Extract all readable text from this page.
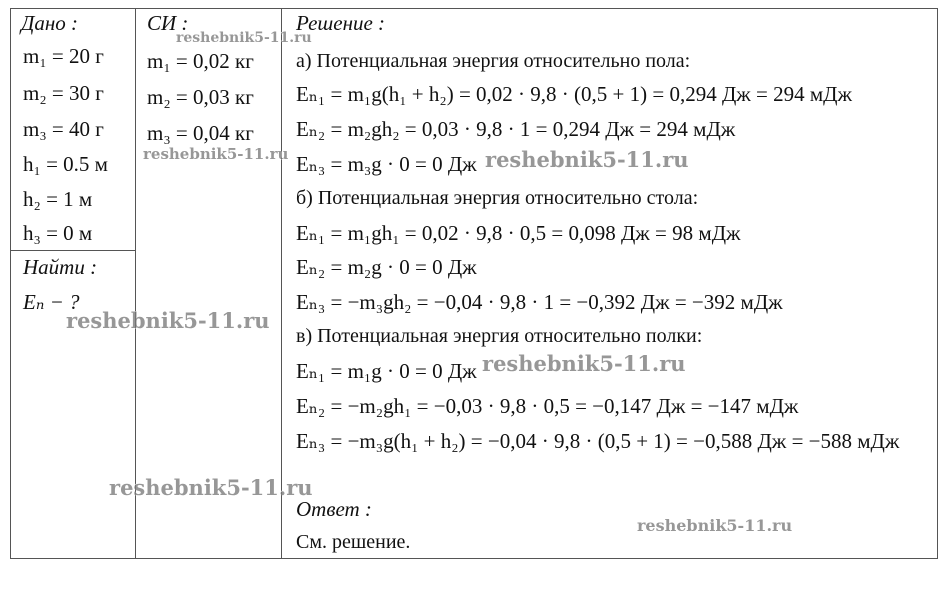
Дано :
m₁ = 20 г
m₂ = 30 г
m₃ = 40 г
h₁ = 0.5 м
h₂ = 1 м
h₃ = 0 м
Найти :
Eₙ − ?
СИ :
m₁ = 0,02 кг
m₂ = 0,03 кг
m₃ = 0,04 кг
Решение :
а) Потенциальная энергия относительно пола:
Eₙ₁ = m₁g(h₁ + h₂) = 0,02 · 9,8 · (0,5 + 1) = 0,294 Дж = 294 мДж
Eₙ₂ = m₂gh₂ = 0,03 · 9,8 · 1 = 0,294 Дж = 294 мДж
Eₙ₃ = m₃g · 0 = 0 Дж
б) Потенциальная энергия относительно стола:
Eₙ₁ = m₁gh₁ = 0,02 · 9,8 · 0,5 = 0,098 Дж = 98 мДж
Eₙ₂ = m₂g · 0 = 0 Дж
Eₙ₃ = −m₃gh₂ = −0,04 · 9,8 · 1 = −0,392 Дж = −392 мДж
в) Потенциальная энергия относительно полки:
Eₙ₁ = m₁g · 0 = 0 Дж
Eₙ₂ = −m₂gh₁ = −0,03 · 9,8 · 0,5 = −0,147 Дж = −147 мДж
Eₙ₃ = −m₃g(h₁ + h₂) = −0,04 · 9,8 · (0,5 + 1) = −0,588 Дж = −588 мДж
Ответ :
См. решение.
reshebnik5-11.ru
reshebnik5-11.ru	reshebnik5-11.ru
reshebnik5-11.ru
reshebnik5-11.ru
reshebnik5-11.ru
reshebnik5-11.ru
